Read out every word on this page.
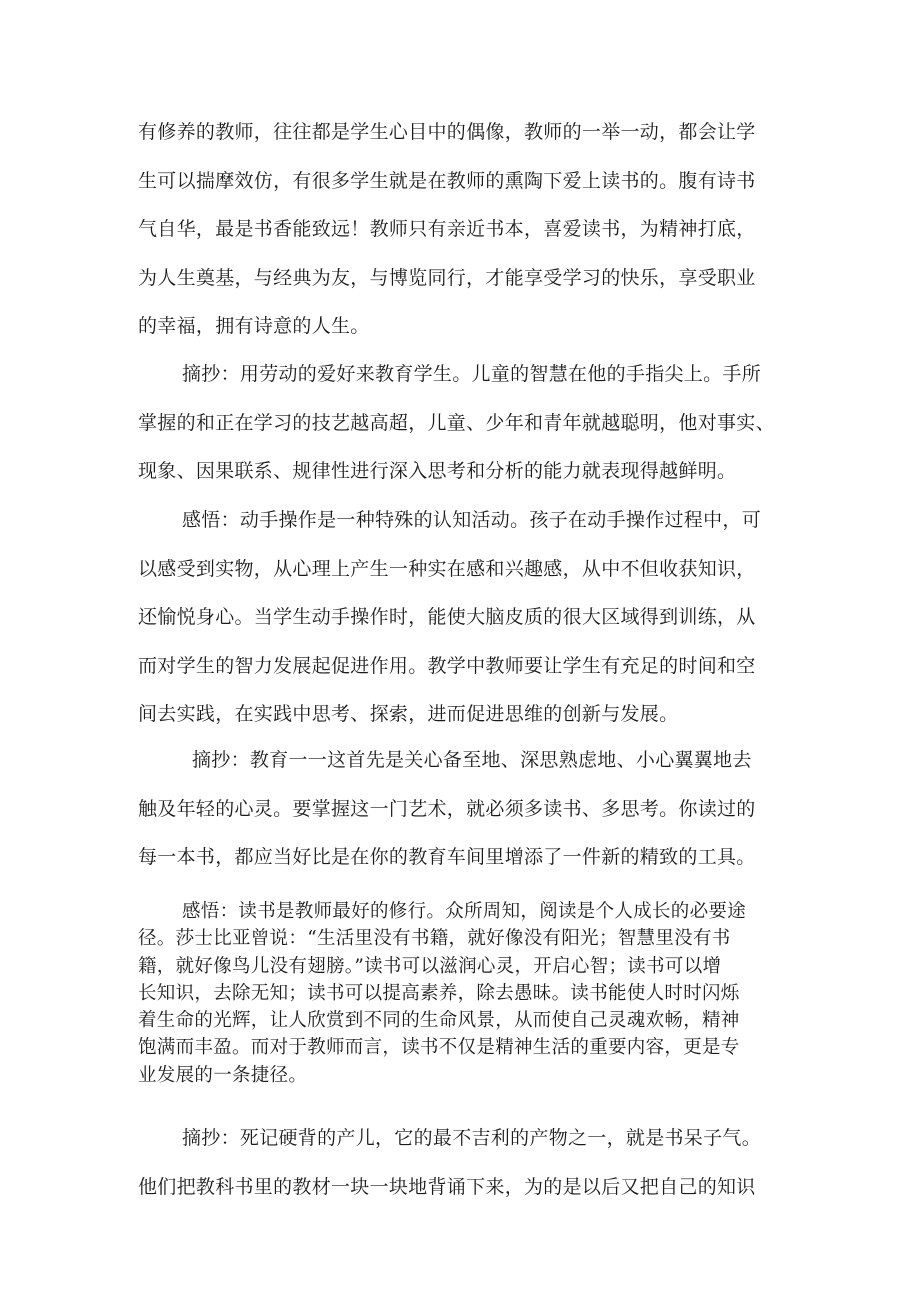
有修养的教师，往往都是学生心目中的偶像，教师的一举一动，都会让学
生可以揣摩效仿，有很多学生就是在教师的熏陶下爱上读书的。腹有诗书
气自华，最是书香能致远！教师只有亲近书本，喜爱读书，为精神打底，
为人生奠基，与经典为友，与博览同行，才能享受学习的快乐，享受职业
的幸福，拥有诗意的人生。
摘抄：用劳动的爱好来教育学生。儿童的智慧在他的手指尖上。手所
掌握的和正在学习的技艺越高超，儿童、少年和青年就越聪明，他对事实、
现象、因果联系、规律性进行深入思考和分析的能力就表现得越鲜明。
感悟：动手操作是一种特殊的认知活动。孩子在动手操作过程中，可
以感受到实物，从心理上产生一种实在感和兴趣感，从中不但收获知识，
还愉悦身心。当学生动手操作时，能使大脑皮质的很大区域得到训练，从
而对学生的智力发展起促进作用。教学中教师要让学生有充足的时间和空
间去实践，在实践中思考、探索，进而促进思维的创新与发展。
摘抄：教育一一这首先是关心备至地、深思熟虑地、小心翼翼地去
触及年轻的心灵。要掌握这一门艺术，就必须多读书、多思考。你读过的
每一本书，都应当好比是在你的教育车间里增添了一件新的精致的工具。
感悟：读书是教师最好的修行。众所周知，阅读是个人成长的必要途
径。莎士比亚曾说：“生活里没有书籍，就好像没有阳光；智慧里没有书
籍，就好像鸟儿没有翅膀。”读书可以滋润心灵，开启心智；读书可以增
长知识，去除无知；读书可以提高素养，除去愚昧。读书能使人时时闪烁
着生命的光辉，让人欣赏到不同的生命风景，从而使自己灵魂欢畅，精神
饱满而丰盈。而对于教师而言，读书不仅是精神生活的重要内容，更是专
业发展的一条捷径。
摘抄：死记硬背的产儿，它的最不吉利的产物之一，就是书呆子气。
他们把教科书里的教材一块一块地背诵下来，为的是以后又把自己的知识
